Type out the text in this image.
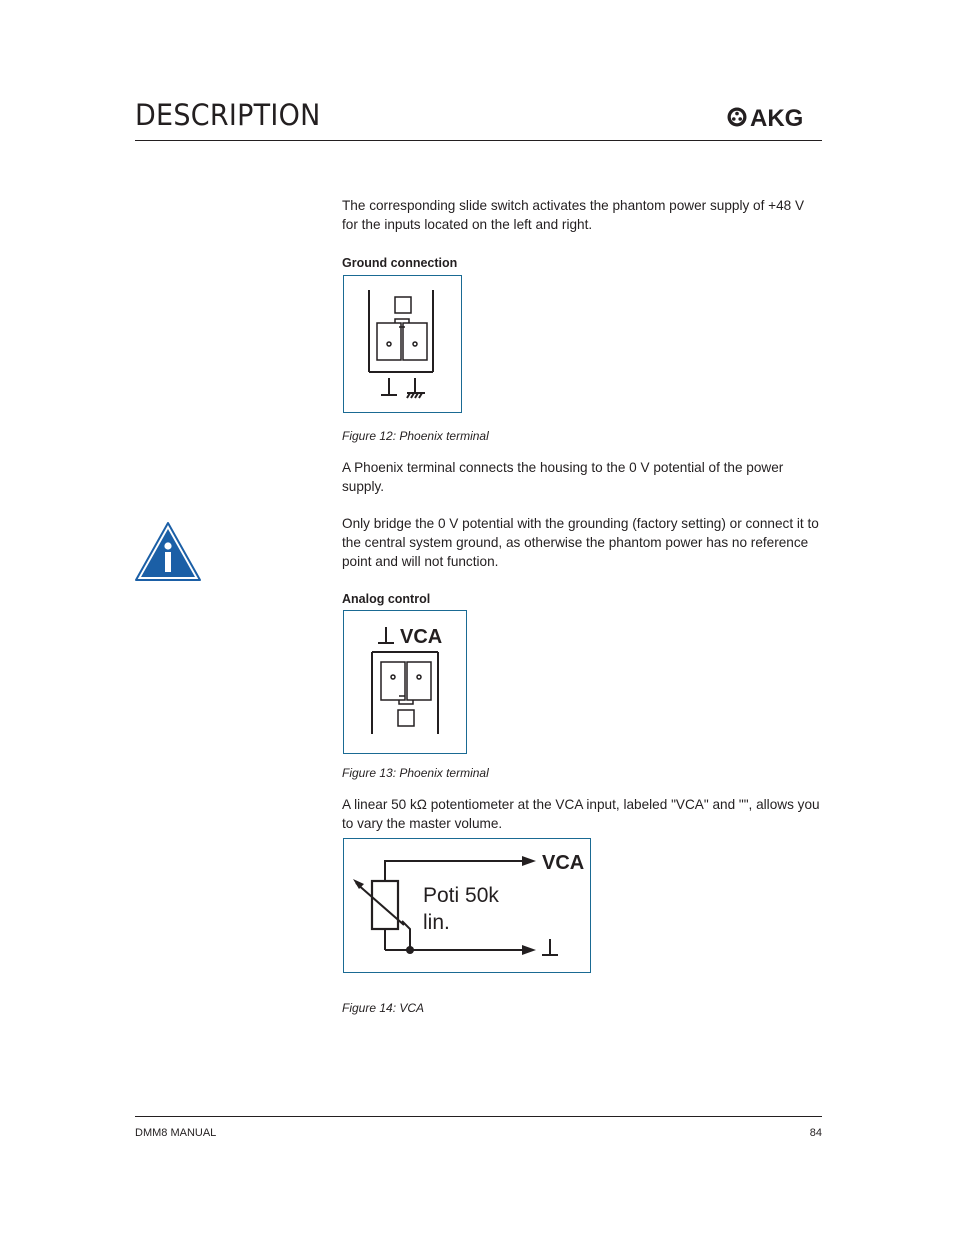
DESCRIPTION	AKG
The corresponding slide switch activates the phantom power supply of +48 V for the inputs located on the left and right.
Ground connection
Figure 12: Phoenix terminal
A Phoenix terminal connects the housing to the 0 V potential of the power supply.
Only bridge the 0 V potential with the grounding (factory setting) or connect it to the central system ground, as otherwise the phantom power has no reference point and will not function.
Analog control
VCA
Figure 13: Phoenix terminal
A linear 50 kΩ potentiometer at the VCA input, labeled "VCA" and "", allows you to vary the master volume.
VCA
Poti 50k
lin.
Figure 14: VCA
DMM8 MANUAL	84
